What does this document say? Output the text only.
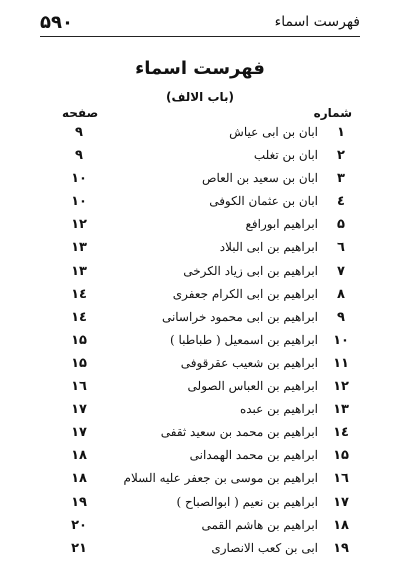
فهرست اسماء
۵۹۰
فهرست اسماء
(باب الالف)
شماره
صفحه
۱
ابان بن ابی عیاش
۹
۲
ابان بن تغلب
۹
۳
ابان بن سعید بن العاص
۱۰
٤
ابان بن عثمان الکوفی
۱۰
۵
ابراهیم ابورافع
۱۲
٦
ابراهیم بن ابی البلاد
۱۳
۷
ابراهیم بن ابی زیاد الکرخی
۱۳
۸
ابراهیم بن ابی الکرام جعفری
۱٤
۹
ابراهیم بن ابی محمود خراسانی
۱٤
۱۰
ابراهیم بن اسمعیل ( طباطبا )
۱۵
۱۱
ابراهیم بن شعیب عقرقوفی
۱۵
۱۲
ابراهیم بن العباس الصولی
۱٦
۱۳
ابراهیم بن عبده
۱۷
۱٤
ابراهیم بن محمد بن سعید ثقفی
۱۷
۱۵
ابراهیم بن محمد الهمدانی
۱۸
۱٦
ابراهیم بن موسی بن جعفر علیه السلام
۱۸
۱۷
ابراهیم بن نعیم ( ابوالصباح )
۱۹
۱۸
ابراهیم بن هاشم القمی
۲۰
۱۹
ابی بن کعب الانصاری
۲۱
